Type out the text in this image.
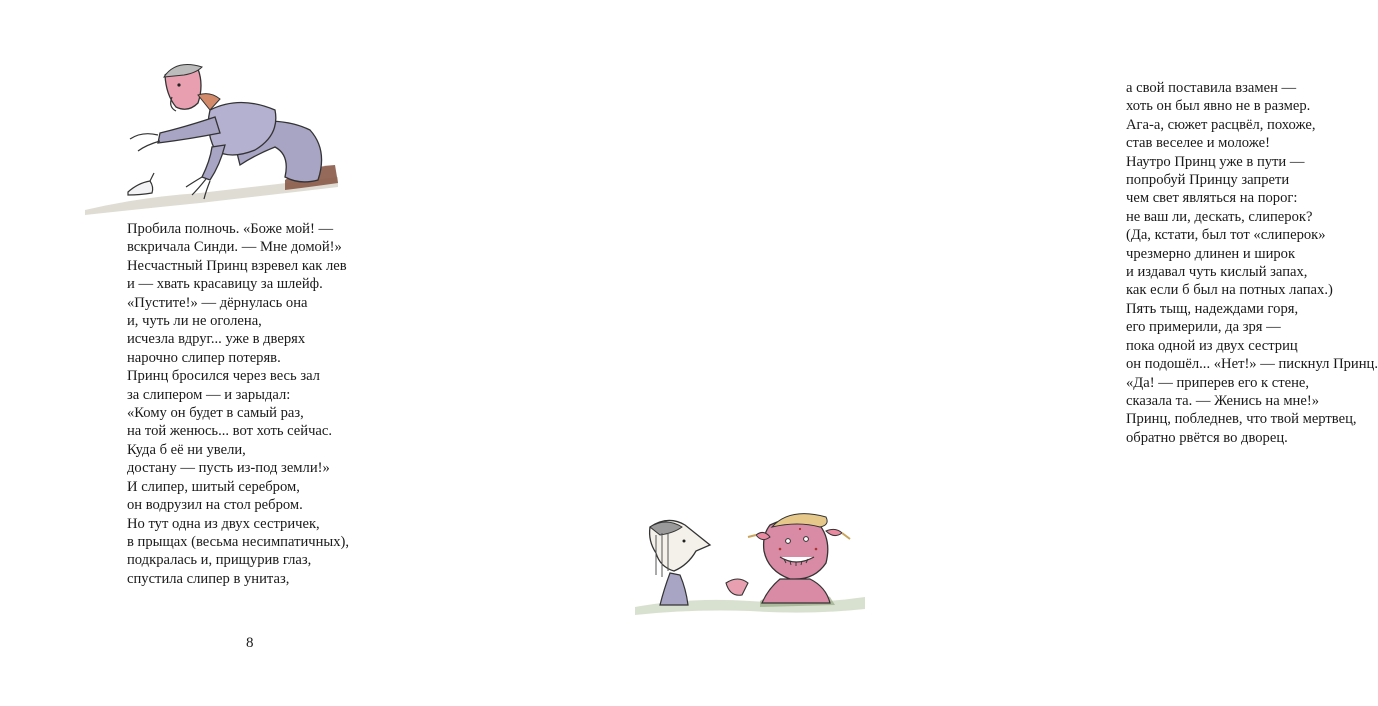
Пробила полночь. «Боже мой! —
вскричала Синди. — Мне домой!»
Несчастный Принц взревел как лев
и — хвать красавицу за шлейф.
«Пустите!» — дёрнулась она
и, чуть ли не оголена,
исчезла вдруг... уже в дверях
нарочно слипер потеряв.
Принц бросился через весь зал
за слипером — и зарыдал:
«Кому он будет в самый раз,
на той женюсь... вот хоть сейчас.
Куда б её ни увели,
достану — пусть из-под земли!»
И слипер, шитый серебром,
он водрузил на стол ребром.
Но тут одна из двух сестричек,
в прыщах (весьма несимпатичных),
подкралась и, прищурив глаз,
спустила слипер в унитаз,
8
а свой поставила взамен —
хоть он был явно не в размер.
Ага-а, сюжет расцвёл, похоже,
став веселее и моложе!
Наутро Принц уже в пути —
попробуй Принцу запрети
чем свет являться на порог:
не ваш ли, дескать, слиперок?
(Да, кстати, был тот «слиперок»
чрезмерно длинен и широк
и издавал чуть кислый запах,
как если б был на потных лапах.)
Пять тыщ, надеждами горя,
его примерили, да зря —
пока одной из двух сестриц
он подошёл... «Нет!» — пискнул Принц.
«Да! — приперев его к стене,
сказала та. — Женись на мне!»
Принц, побледнев, что твой мертвец,
обратно рвётся во дворец.
